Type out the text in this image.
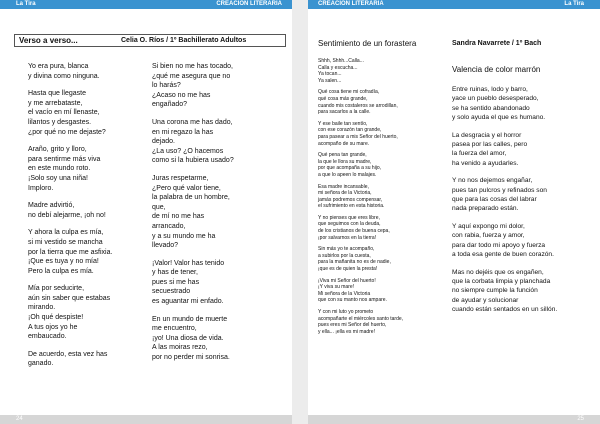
La Tira	CREACIÓN LITERARIA
Verso a verso...	Celia O. Ríos / 1º Bachillerato Adultos
Yo era pura, blanca
y divina como ninguna.
Hasta que llegaste
y me arrebataste,
el vacío en mí llenaste,
lilantos y desgastes.
¿por qué no me dejaste?
Araño, grito y lloro,
para sentirme más viva
en este mundo roto.
¡Solo soy una niña!
Imploro.
Madre advirtió,
no debí alejarme, ¡oh no!
Y ahora la culpa es mía,
si mi vestido se mancha
por la tierra que me asfixia.
¡Que es tuya y no mía!
Pero la culpa es mía.
Mía por seducirte,
aún sin saber que estabas
mirando.
¡Oh qué despiste!
A tus ojos yo he
embaucado.
De acuerdo, esta vez has
ganado.
Si bien no me has tocado,
¿qué me asegura que no
lo harás?
¿Acaso no me has
engañado?
Una corona me has dado,
en mi regazo la has
dejado.
¿La uso? ¿O hacemos
como si la hubiera usado?
Juras respetarme,
¿Pero qué valor tiene,
la palabra de un hombre,
que,
de mí no me has
arrancado,
y a su mundo me ha
llevado?
¡Valor! Valor has tenido
y has de tener,
pues si me has
secuestrado
es aguantar mi enfado.
En un mundo de muerte
me encuentro,
¡yo! Una diosa de vida.
A las moiras rezo,
por no perder mi sonrisa.
24
CREACIÓN LITERARIA	La Tira
Sentimiento de un forastera	Sandra Navarrete / 1º Bach
Shhh, Shhh...Calla...
Calla y escucha...
Ya tocan...
Ya salen...
Qué cosa tiene mi cofradía,
qué cosa más grande,
cuando mis costaleros se arrodillan,
para sacarlos a la calle.
Y ese baile tan sentío,
con ese corazón tan grande,
para pasear a mis Señor del huerto,
acompaño de su mare.
Qué pena tan grande,
la que le llora su madre,
por que acompaña a su hijo,
a que lo apeen lo malajes.
Esa madre incansable,
mi señora de la Victoria,
jamás podremos compensar,
el sufrimiento en esta historia.
Y no pienses que eres libre,
que seguimos con la deuda,
de los cristianos de buena cepa,
¡por salvarnos en la tierra!
Sin más yo te acompaño,
a subirlos por la cuesta,
para la mañanita no es de nadie,
¡que es de quien la presta!
¡Viva mi Señor del huerto!
¡Y viva su mare!
Mi señora de la Victoria
que con su manto nos ampare.
Y con mi luto yo prometo
acompañarte el miércoles santo tarde,
pues eres mi Señor del huerto,
y ella... ¡ella es mi madre!
Valencia de color marrón
Entre ruinas, lodo y barro,
yace un pueblo desesperado,
se ha sentido abandonado
y solo ayuda el que es humano.
La desgracia y el horror
pasea por las calles, pero
la fuerza del amor,
ha venido a ayudarles.
Y no nos dejemos engañar,
pues tan pulcros y refinados son
que para las cosas del labrar
nada preparado están.
Y aquí expongo mi dolor,
con rabia, fuerza y amor,
para dar todo mi apoyo y fuerza
a toda esa gente de buen corazón.
Mas no dejéis que os engañen,
que la corbata limpia y planchada
no siempre cumple la función
de ayudar y solucionar
cuando están sentados en un sillón.
25
